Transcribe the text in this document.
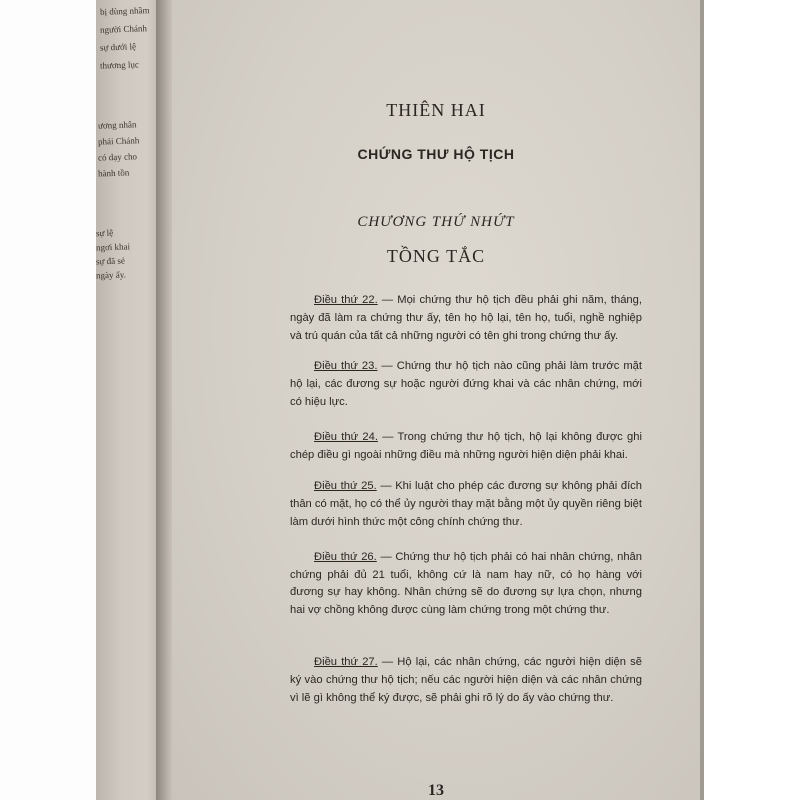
bị dùng nhầm
người Chánh
sự dưới lệ
thương lục
ương nhân
phải Chánh
có dạy cho
hành tồn
sự lệ
ngơi khai
sự đã sẻ
ngày ấy.
THIÊN HAI
CHỨNG THƯ HỘ TỊCH
CHƯƠNG THỨ NHỨT
TỒNG TẮC

Điều thứ 22. — Mọi chứng thư hộ tịch đều phải ghi năm, tháng, ngày đã làm ra chứng thư ấy, tên họ hộ lại, tên họ, tuổi, nghề nghiệp và trú quán của tất cả những người có tên ghi trong chứng thư ấy.

Điều thứ 23. — Chứng thư hộ tịch nào cũng phải làm trước mặt hộ lại, các đương sự hoặc người đứng khai và các nhân chứng, mới có hiệu lực.

Điều thứ 24. — Trong chứng thư hộ tịch, hộ lại không được ghi chép điều gì ngoài những điều mà những người hiện diện phải khai.

Điều thứ 25. — Khi luật cho phép các đương sự không phải đích thân có mặt, họ có thể ủy người thay mặt bằng một ủy quyền riêng biệt làm dưới hình thức một công chính chứng thư.

Điều thứ 26. — Chứng thư hộ tịch phải có hai nhân chứng, nhân chứng phải đủ 21 tuổi, không cứ là nam hay nữ, có họ hàng với đương sự hay không. Nhân chứng sẽ do đương sự lựa chọn, nhưng hai vợ chồng không được cùng làm chứng trong một chứng thư.

Điều thứ 27. — Hộ lại, các nhân chứng, các người hiện diện sẽ ký vào chứng thư hộ tịch; nếu các người hiện diện và các nhân chứng vì lẽ gì không thể ký được, sẽ phải ghi rõ lý do ấy vào chứng thư.

13
